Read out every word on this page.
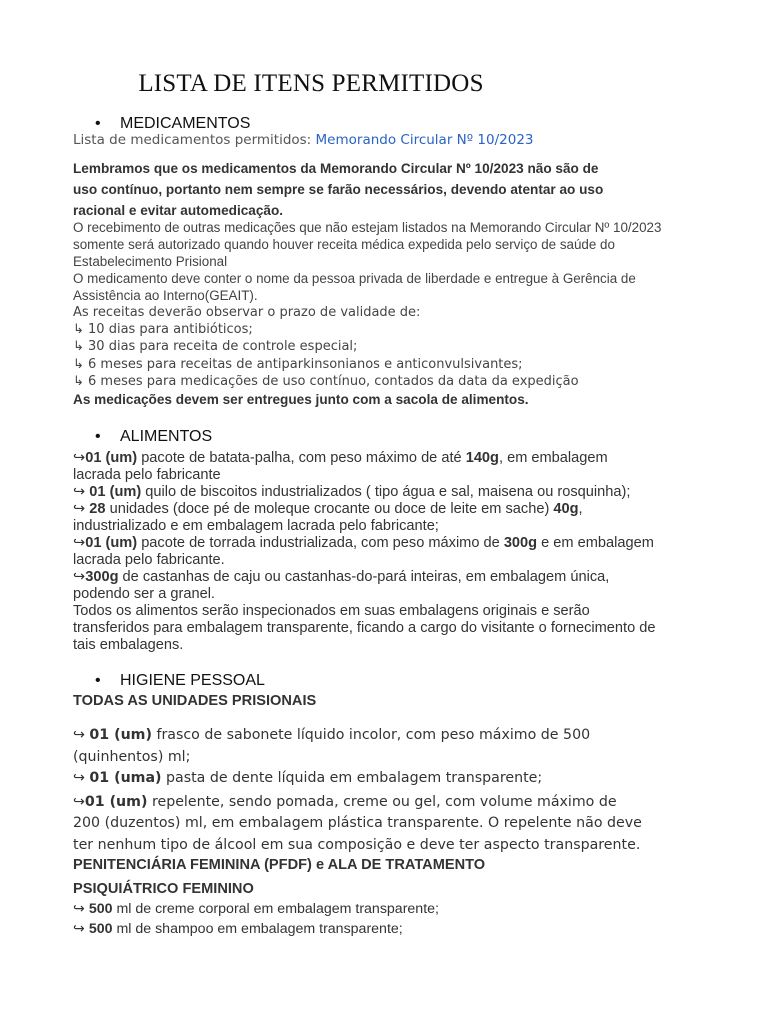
LISTA DE ITENS PERMITIDOS
• MEDICAMENTOS
Lista de medicamentos permitidos: Memorando Circular Nº 10/2023
Lembramos que os medicamentos da Memorando Circular Nº 10/2023 não são de
uso contínuo, portanto nem sempre se farão necessários, devendo atentar ao uso
racional e evitar automedicação.
O recebimento de outras medicações que não estejam listados na Memorando Circular Nº 10/2023
somente será autorizado quando houver receita médica expedida pelo serviço de saúde do
Estabelecimento Prisional
O medicamento deve conter o nome da pessoa privada de liberdade e entregue à Gerência de
Assistência ao Interno(GEAIT).
As receitas deverão observar o prazo de validade de:
↳ 10 dias para antibióticos;
↳ 30 dias para receita de controle especial;
↳ 6 meses para receitas de antiparkinsonianos e anticonvulsivantes;
↳ 6 meses para medicações de uso contínuo, contados da data da expedição
As medicações devem ser entregues junto com a sacola de alimentos.
• ALIMENTOS
↪01 (um) pacote de batata-palha, com peso máximo de até 140g, em embalagem
lacrada pelo fabricante
↪ 01 (um) quilo de biscoitos industrializados ( tipo água e sal, maisena ou rosquinha);
↪ 28 unidades (doce pé de moleque crocante ou doce de leite em sache) 40g,
industrializado e em embalagem lacrada pelo fabricante;
↪01 (um) pacote de torrada industrializada, com peso máximo de 300g e em embalagem
lacrada pelo fabricante.
↪300g de castanhas de caju ou castanhas-do-pará inteiras, em embalagem única,
podendo ser a granel.
Todos os alimentos serão inspecionados em suas embalagens originais e serão
transferidos para embalagem transparente, ficando a cargo do visitante o fornecimento de
tais embalagens.
• HIGIENE PESSOAL
TODAS AS UNIDADES PRISIONAIS
↪ 01 (um) frasco de sabonete líquido incolor, com peso máximo de 500
(quinhentos) ml;
↪ 01 (uma) pasta de dente líquida em embalagem transparente;
↪01 (um) repelente, sendo pomada, creme ou gel, com volume máximo de
200 (duzentos) ml, em embalagem plástica transparente. O repelente não deve
ter nenhum tipo de álcool em sua composição e deve ter aspecto transparente.
PENITENCIÁRIA FEMININA (PFDF) e ALA DE TRATAMENTO
PSIQUIÁTRICO FEMININO
↪ 500 ml de creme corporal em embalagem transparente;
↪ 500 ml de shampoo em embalagem transparente;
